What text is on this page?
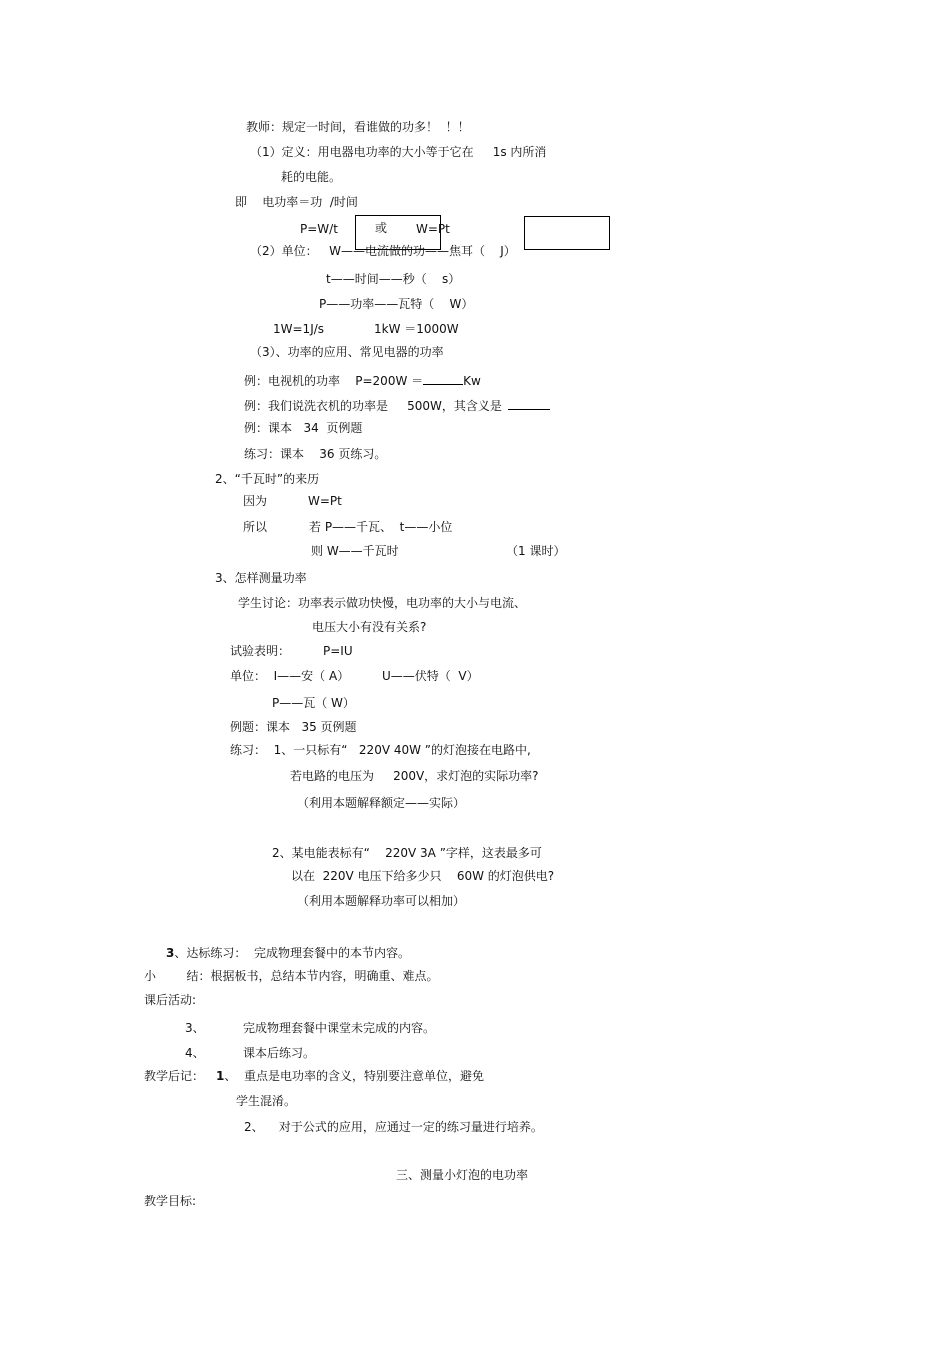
教师：规定一时间，看谁做的功多！  ！！
（1）定义：用电器电功率的大小等于它在     1s 内所消
耗的电能。
即    电功率＝功  /时间
P=W/t	或 W=Pt
（2）单位：   W——电流做的功——焦耳（    J）
t——时间——秒（    s）
P——功率——瓦特（    W）
1W=1J/s	1kW ＝1000W
（3）、功率的应用、常见电器的功率
例：电视机的功率    P=200W ＝	Kw
例：我们说洗衣机的功率是     500W，其含义是
例：课本   34  页例题
练习：课本    36 页练习。
2、“千瓦时”的来历
因为	W=Pt
所以	若 P——千瓦、  t——小位
则 W——千瓦时	（1 课时）
3、怎样测量功率
学生讨论：功率表示做功快慢，电功率的大小与电流、
电压大小有没有关系?
试验表明：	P=IU
单位：  I——安（ A）	U——伏特（  V）
P——瓦（ W）
例题：课本   35 页例题
练习：  1、一只标有“   220V 40W ”的灯泡接在电路中,
若电路的电压为     200V，求灯泡的实际功率?
（利用本题解释额定——实际）
2、某电能表标有“    220V 3A ”字样，这表最多可
以在  220V 电压下给多少只    60W 的灯泡供电?
（利用本题解释功率可以相加）
3、达标练习：  完成物理套餐中的本节内容。
小        结：根据板书，总结本节内容，明确重、难点。
课后活动:
3、	完成物理套餐中课堂未完成的内容。
4、	课本后练习。
教学后记： 1、  重点是电功率的含义，特别要注意单位，避免
学生混淆。
2、    对于公式的应用，应通过一定的练习量进行培养。
三、测量小灯泡的电功率
教学目标:
